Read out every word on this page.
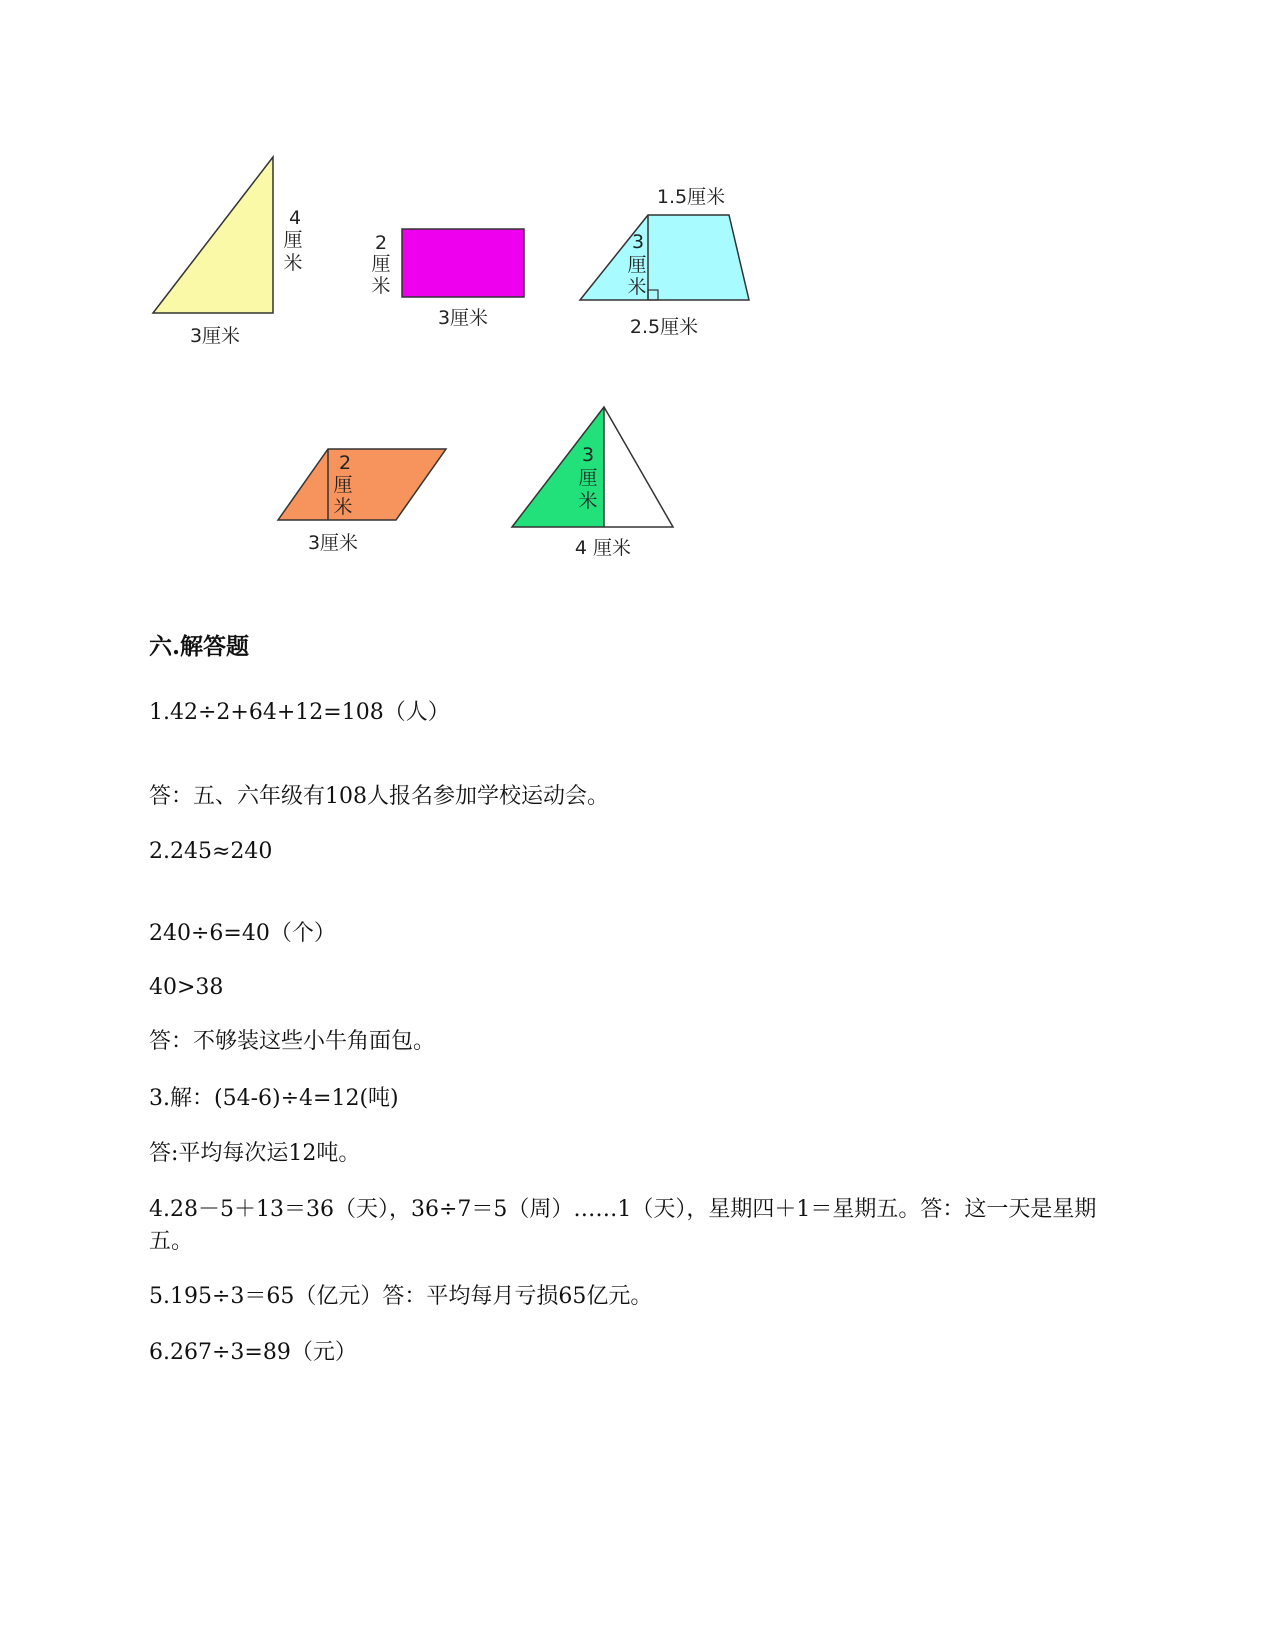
4
厘
米
3厘米
2
厘
米
3厘米
1.5厘米
3
厘
米
2.5厘米
2
厘
米
3厘米
3
厘
米
4 厘米
六.解答题

1.42÷2+64+12=108（人）

答：五、六年级有108人报名参加学校运动会。

2.245≈240

240÷6=40（个）

40>38

答：不够装这些小牛角面包。

3.解：(54-6)÷4=12(吨)

答:平均每次运12吨。

4.28－5＋13＝36（天），36÷7＝5（周）……1（天），星期四＋1＝星期五。答：这一天是星期五。

5.195÷3＝65（亿元）答：平均每月亏损65亿元。

6.267÷3=89（元）
